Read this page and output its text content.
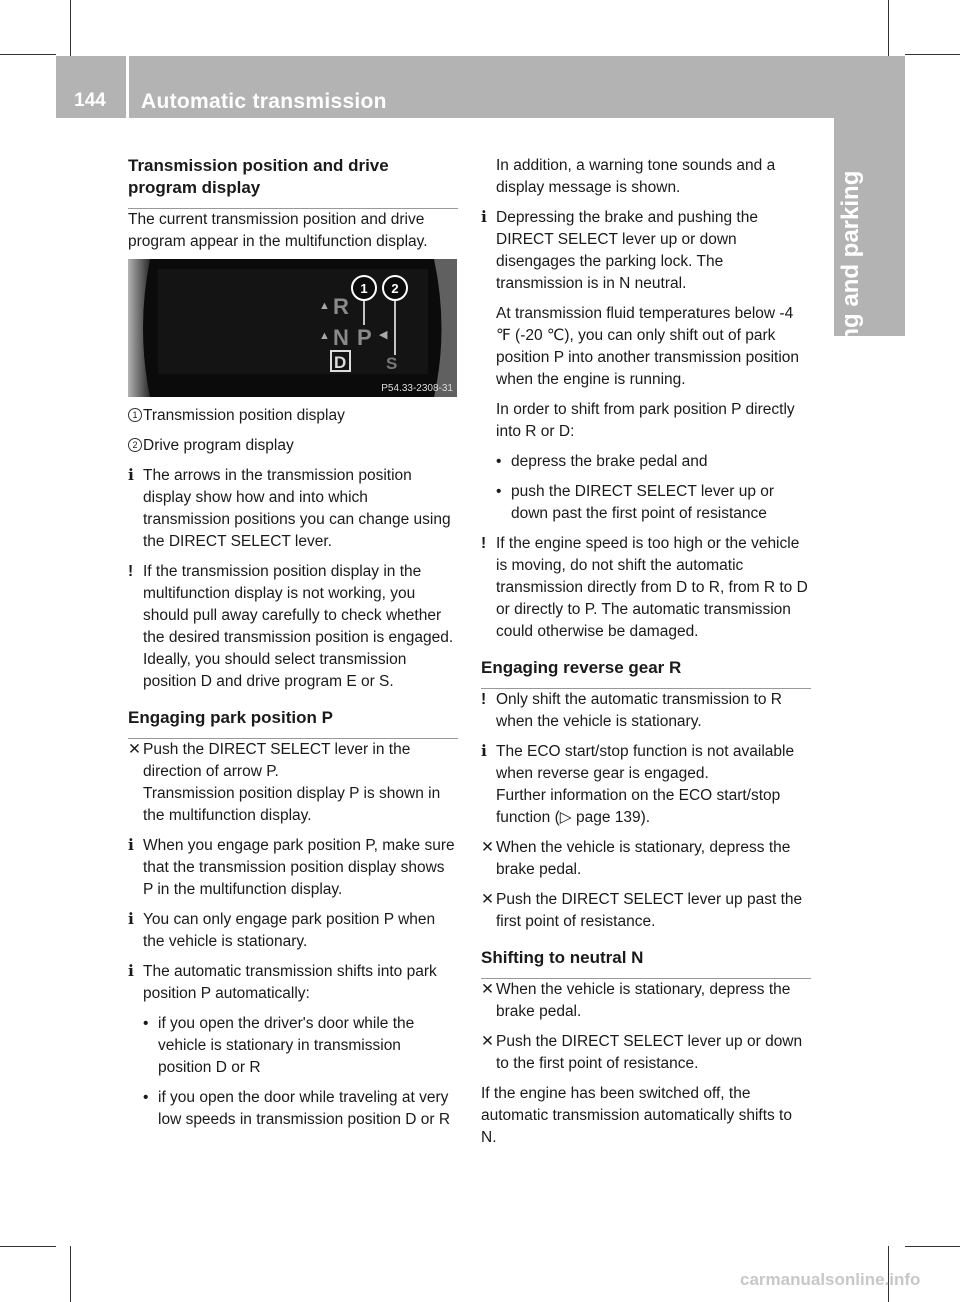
144	Automatic transmission
Driving and parking

Transmission position and drive program display

The current transmission position and drive program appear in the multifunction display.

▲ R
▲ N P ◀
D S
1 2
P54.33-2308-31

1 Transmission position display

2 Drive program display

ℹ The arrows in the transmission position display show how and into which transmission positions you can change using the DIRECT SELECT lever.

! If the transmission position display in the multifunction display is not working, you should pull away carefully to check whether the desired transmission position is engaged. Ideally, you should select transmission position D and drive program E or S.

Engaging park position P

✕ Push the DIRECT SELECT lever in the direction of arrow P.

Transmission position display P is shown in the multifunction display.

ℹ When you engage park position P, make sure that the transmission position display shows P in the multifunction display.

ℹ You can only engage park position P when the vehicle is stationary.

ℹ The automatic transmission shifts into park position P automatically:

• if you open the driver's door while the vehicle is stationary in transmission position D or R

• if you open the door while traveling at very low speeds in transmission position D or R

In addition, a warning tone sounds and a display message is shown.

ℹ Depressing the brake and pushing the DIRECT SELECT lever up or down disengages the parking lock. The transmission is in N neutral.

At transmission fluid temperatures below -4 ℉ (-20 ℃), you can only shift out of park position P into another transmission position when the engine is running.

In order to shift from park position P directly into R or D:

• depress the brake pedal and

• push the DIRECT SELECT lever up or down past the first point of resistance

! If the engine speed is too high or the vehicle is moving, do not shift the automatic transmission directly from D to R, from R to D or directly to P. The automatic transmission could otherwise be damaged.

Engaging reverse gear R

! Only shift the automatic transmission to R when the vehicle is stationary.

ℹ The ECO start/stop function is not available when reverse gear is engaged.

Further information on the ECO start/stop function (▷ page 139).

✕ When the vehicle is stationary, depress the brake pedal.

✕ Push the DIRECT SELECT lever up past the first point of resistance.

Shifting to neutral N

✕ When the vehicle is stationary, depress the brake pedal.

✕ Push the DIRECT SELECT lever up or down to the first point of resistance.

If the engine has been switched off, the automatic transmission automatically shifts to N.

carmanualsonline.info
